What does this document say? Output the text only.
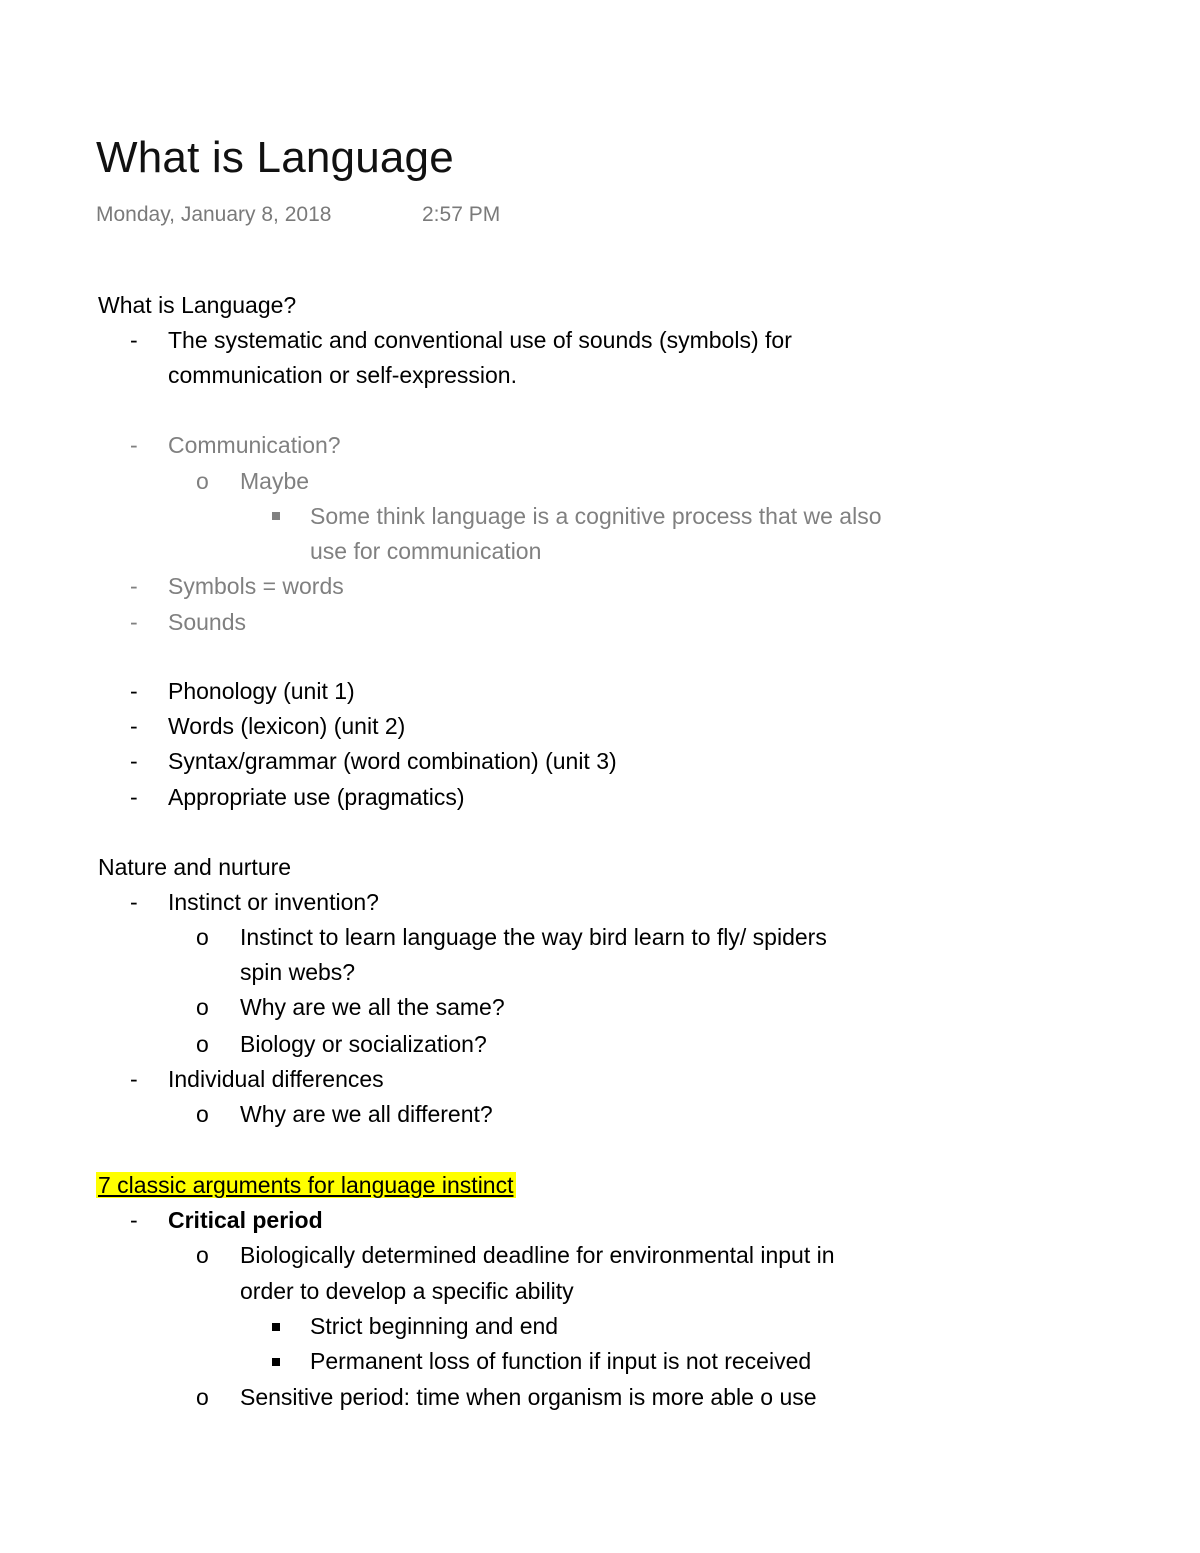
What is Language
Monday, January 8, 2018	2:57 PM
What is Language?
- The systematic and conventional use of sounds (symbols) for
communication or self-expression.
- Communication?
o Maybe
Some think language is a cognitive process that we also
use for communication
- Symbols = words
- Sounds
- Phonology (unit 1)
- Words (lexicon) (unit 2)
- Syntax/grammar (word combination) (unit 3)
- Appropriate use (pragmatics)
Nature and nurture
- Instinct or invention?
o Instinct to learn language the way bird learn to fly/ spiders
spin webs?
o Why are we all the same?
o Biology or socialization?
- Individual differences
o Why are we all different?
7 classic arguments for language instinct
- Critical period
o Biologically determined deadline for environmental input in
order to develop a specific ability
Strict beginning and end
Permanent loss of function if input is not received
o Sensitive period: time when organism is more able o use
